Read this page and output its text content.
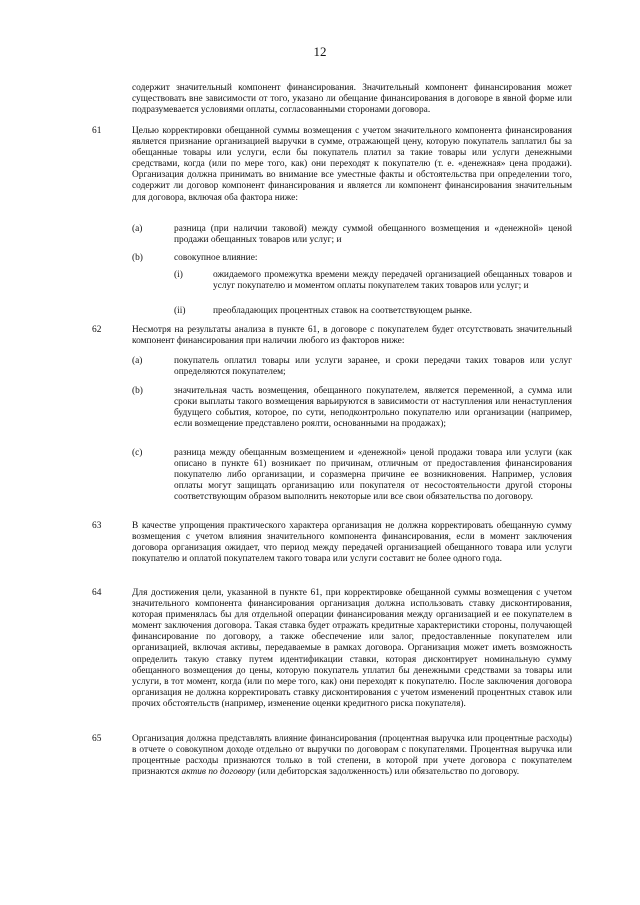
12
содержит значительный компонент финансирования. Значительный компонент финансирования может существовать вне зависимости от того, указано ли обещание финансирования в договоре в явной форме или подразумевается условиями оплаты, согласованными сторонами договора.
61	Целью корректировки обещанной суммы возмещения с учетом значительного компонента финансирования является признание организацией выручки в сумме, отражающей цену, которую покупатель заплатил бы за обещанные товары или услуги, если бы покупатель платил за такие товары или услуги денежными средствами, когда (или по мере того, как) они переходят к покупателю (т. е. «денежная» цена продажи). Организация должна принимать во внимание все уместные факты и обстоятельства при определении того, содержит ли договор компонент финансирования и является ли компонент финансирования значительным для договора, включая оба фактора ниже:
(a)	разница (при наличии таковой) между суммой обещанного возмещения и «денежной» ценой продажи обещанных товаров или услуг; и
(b)	совокупное влияние:
(i)	ожидаемого промежутка времени между передачей организацией обещанных товаров и услуг покупателю и моментом оплаты покупателем таких товаров или услуг; и
(ii)	преобладающих процентных ставок на соответствующем рынке.
62	Несмотря на результаты анализа в пункте 61, в договоре с покупателем будет отсутствовать значительный компонент финансирования при наличии любого из факторов ниже:
(a)	покупатель оплатил товары или услуги заранее, и сроки передачи таких товаров или услуг определяются покупателем;
(b)	значительная часть возмещения, обещанного покупателем, является переменной, а сумма или сроки выплаты такого возмещения варьируются в зависимости от наступления или ненаступления будущего события, которое, по сути, неподконтрольно покупателю или организации (например, если возмещение представлено роялти, основанными на продажах);
(c)	разница между обещанным возмещением и «денежной» ценой продажи товара или услуги (как описано в пункте 61) возникает по причинам, отличным от предоставления финансирования покупателю либо организации, и соразмерна причине ее возникновения. Например, условия оплаты могут защищать организацию или покупателя от несостоятельности другой стороны соответствующим образом выполнить некоторые или все свои обязательства по договору.
63	В качестве упрощения практического характера организация не должна корректировать обещанную сумму возмещения с учетом влияния значительного компонента финансирования, если в момент заключения договора организация ожидает, что период между передачей организацией обещанного товара или услуги покупателю и оплатой покупателем такого товара или услуги составит не более одного года.
64	Для достижения цели, указанной в пункте 61, при корректировке обещанной суммы возмещения с учетом значительного компонента финансирования организация должна использовать ставку дисконтирования, которая применялась бы для отдельной операции финансирования между организацией и ее покупателем в момент заключения договора. Такая ставка будет отражать кредитные характеристики стороны, получающей финансирование по договору, а также обеспечение или залог, предоставленные покупателем или организацией, включая активы, передаваемые в рамках договора. Организация может иметь возможность определить такую ставку путем идентификации ставки, которая дисконтирует номинальную сумму обещанного возмещения до цены, которую покупатель уплатил бы денежными средствами за товары или услуги, в тот момент, когда (или по мере того, как) они переходят к покупателю. После заключения договора организация не должна корректировать ставку дисконтирования с учетом изменений процентных ставок или прочих обстоятельств (например, изменение оценки кредитного риска покупателя).
65	Организация должна представлять влияние финансирования (процентная выручка или процентные расходы) в отчете о совокупном доходе отдельно от выручки по договорам с покупателями. Процентная выручка или процентные расходы признаются только в той степени, в которой при учете договора с покупателем признаются актив по договору (или дебиторская задолженность) или обязательство по договору.
